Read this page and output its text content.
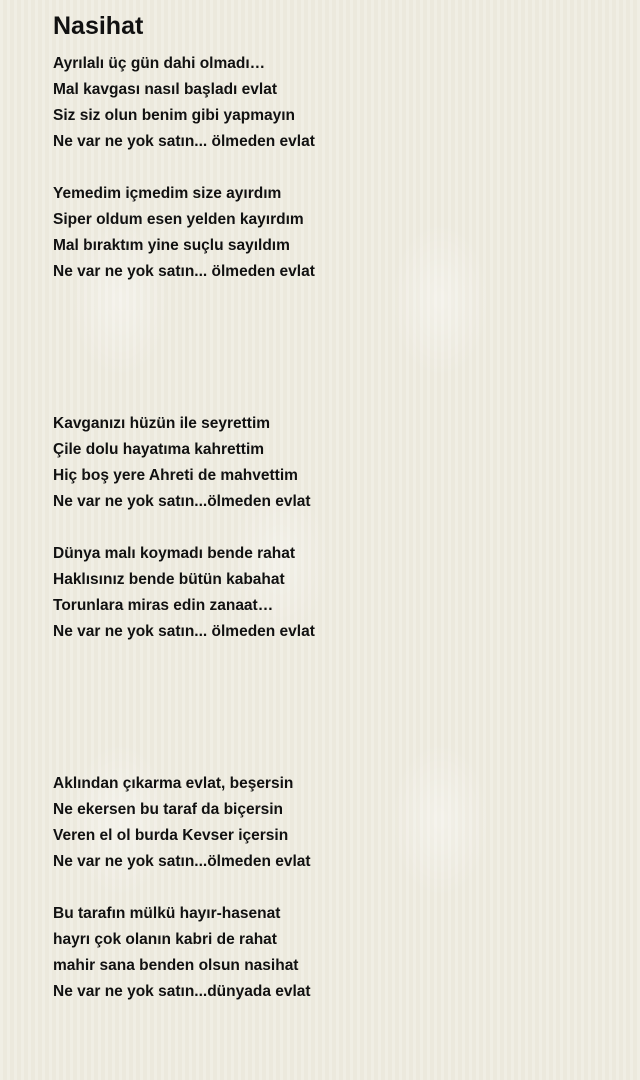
Nasihat
Ayrılalı üç gün dahi olmadı…
Mal kavgası nasıl başladı evlat
Siz siz olun benim gibi yapmayın
Ne var ne yok satın... ölmeden evlat
Yemedim içmedim size ayırdım
Siper oldum esen yelden kayırdım
Mal bıraktım yine suçlu sayıldım
Ne var ne yok satın... ölmeden evlat
Kavganızı hüzün ile seyrettim
Çile dolu hayatıma kahrettim
Hiç boş yere Ahreti de mahvettim
Ne var ne yok satın...ölmeden evlat
Dünya malı koymadı bende rahat
Haklısınız bende bütün kabahat
Torunlara miras edin zanaat…
Ne var ne yok satın... ölmeden evlat
Aklından çıkarma evlat, beşersin
Ne ekersen bu taraf da biçersin
Veren el ol burda Kevser içersin
Ne var ne yok satın...ölmeden evlat
Bu tarafın mülkü hayır-hasenat
hayrı çok olanın kabri de rahat
mahir sana benden olsun nasihat
Ne var ne yok satın...dünyada evlat
